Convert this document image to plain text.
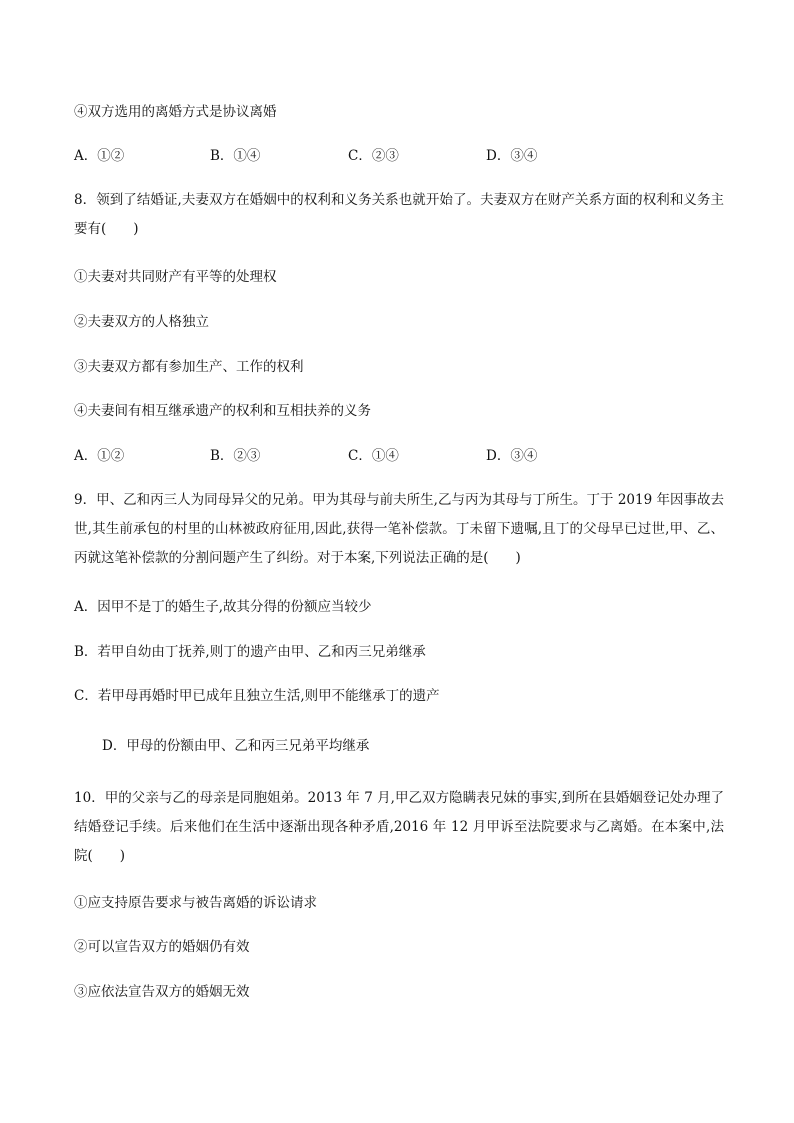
④双方选用的离婚方式是协议离婚
A．①②	B．①④	C．②③	D．③④
8．领到了结婚证,夫妻双方在婚姻中的权利和义务关系也就开始了。夫妻双方在财产关系方面的权利和义务主要有(　　)
①夫妻对共同财产有平等的处理权
②夫妻双方的人格独立
③夫妻双方都有参加生产、工作的权利
④夫妻间有相互继承遗产的权利和互相扶养的义务
A．①②	B．②③	C．①④	D．③④
9．甲、乙和丙三人为同母异父的兄弟。甲为其母与前夫所生,乙与丙为其母与丁所生。丁于 2019 年因事故去世,其生前承包的村里的山林被政府征用,因此,获得一笔补偿款。丁未留下遗嘱,且丁的父母早已过世,甲、乙、丙就这笔补偿款的分割问题产生了纠纷。对于本案,下列说法正确的是(　　)
A．因甲不是丁的婚生子,故其分得的份额应当较少
B．若甲自幼由丁抚养,则丁的遗产由甲、乙和丙三兄弟继承
C．若甲母再婚时甲已成年且独立生活,则甲不能继承丁的遗产
D．甲母的份额由甲、乙和丙三兄弟平均继承
10．甲的父亲与乙的母亲是同胞姐弟。2013 年 7 月,甲乙双方隐瞒表兄妹的事实,到所在县婚姻登记处办理了结婚登记手续。后来他们在生活中逐渐出现各种矛盾,2016 年 12 月甲诉至法院要求与乙离婚。在本案中,法院(　　)
①应支持原告要求与被告离婚的诉讼请求
②可以宣告双方的婚姻仍有效
③应依法宣告双方的婚姻无效
